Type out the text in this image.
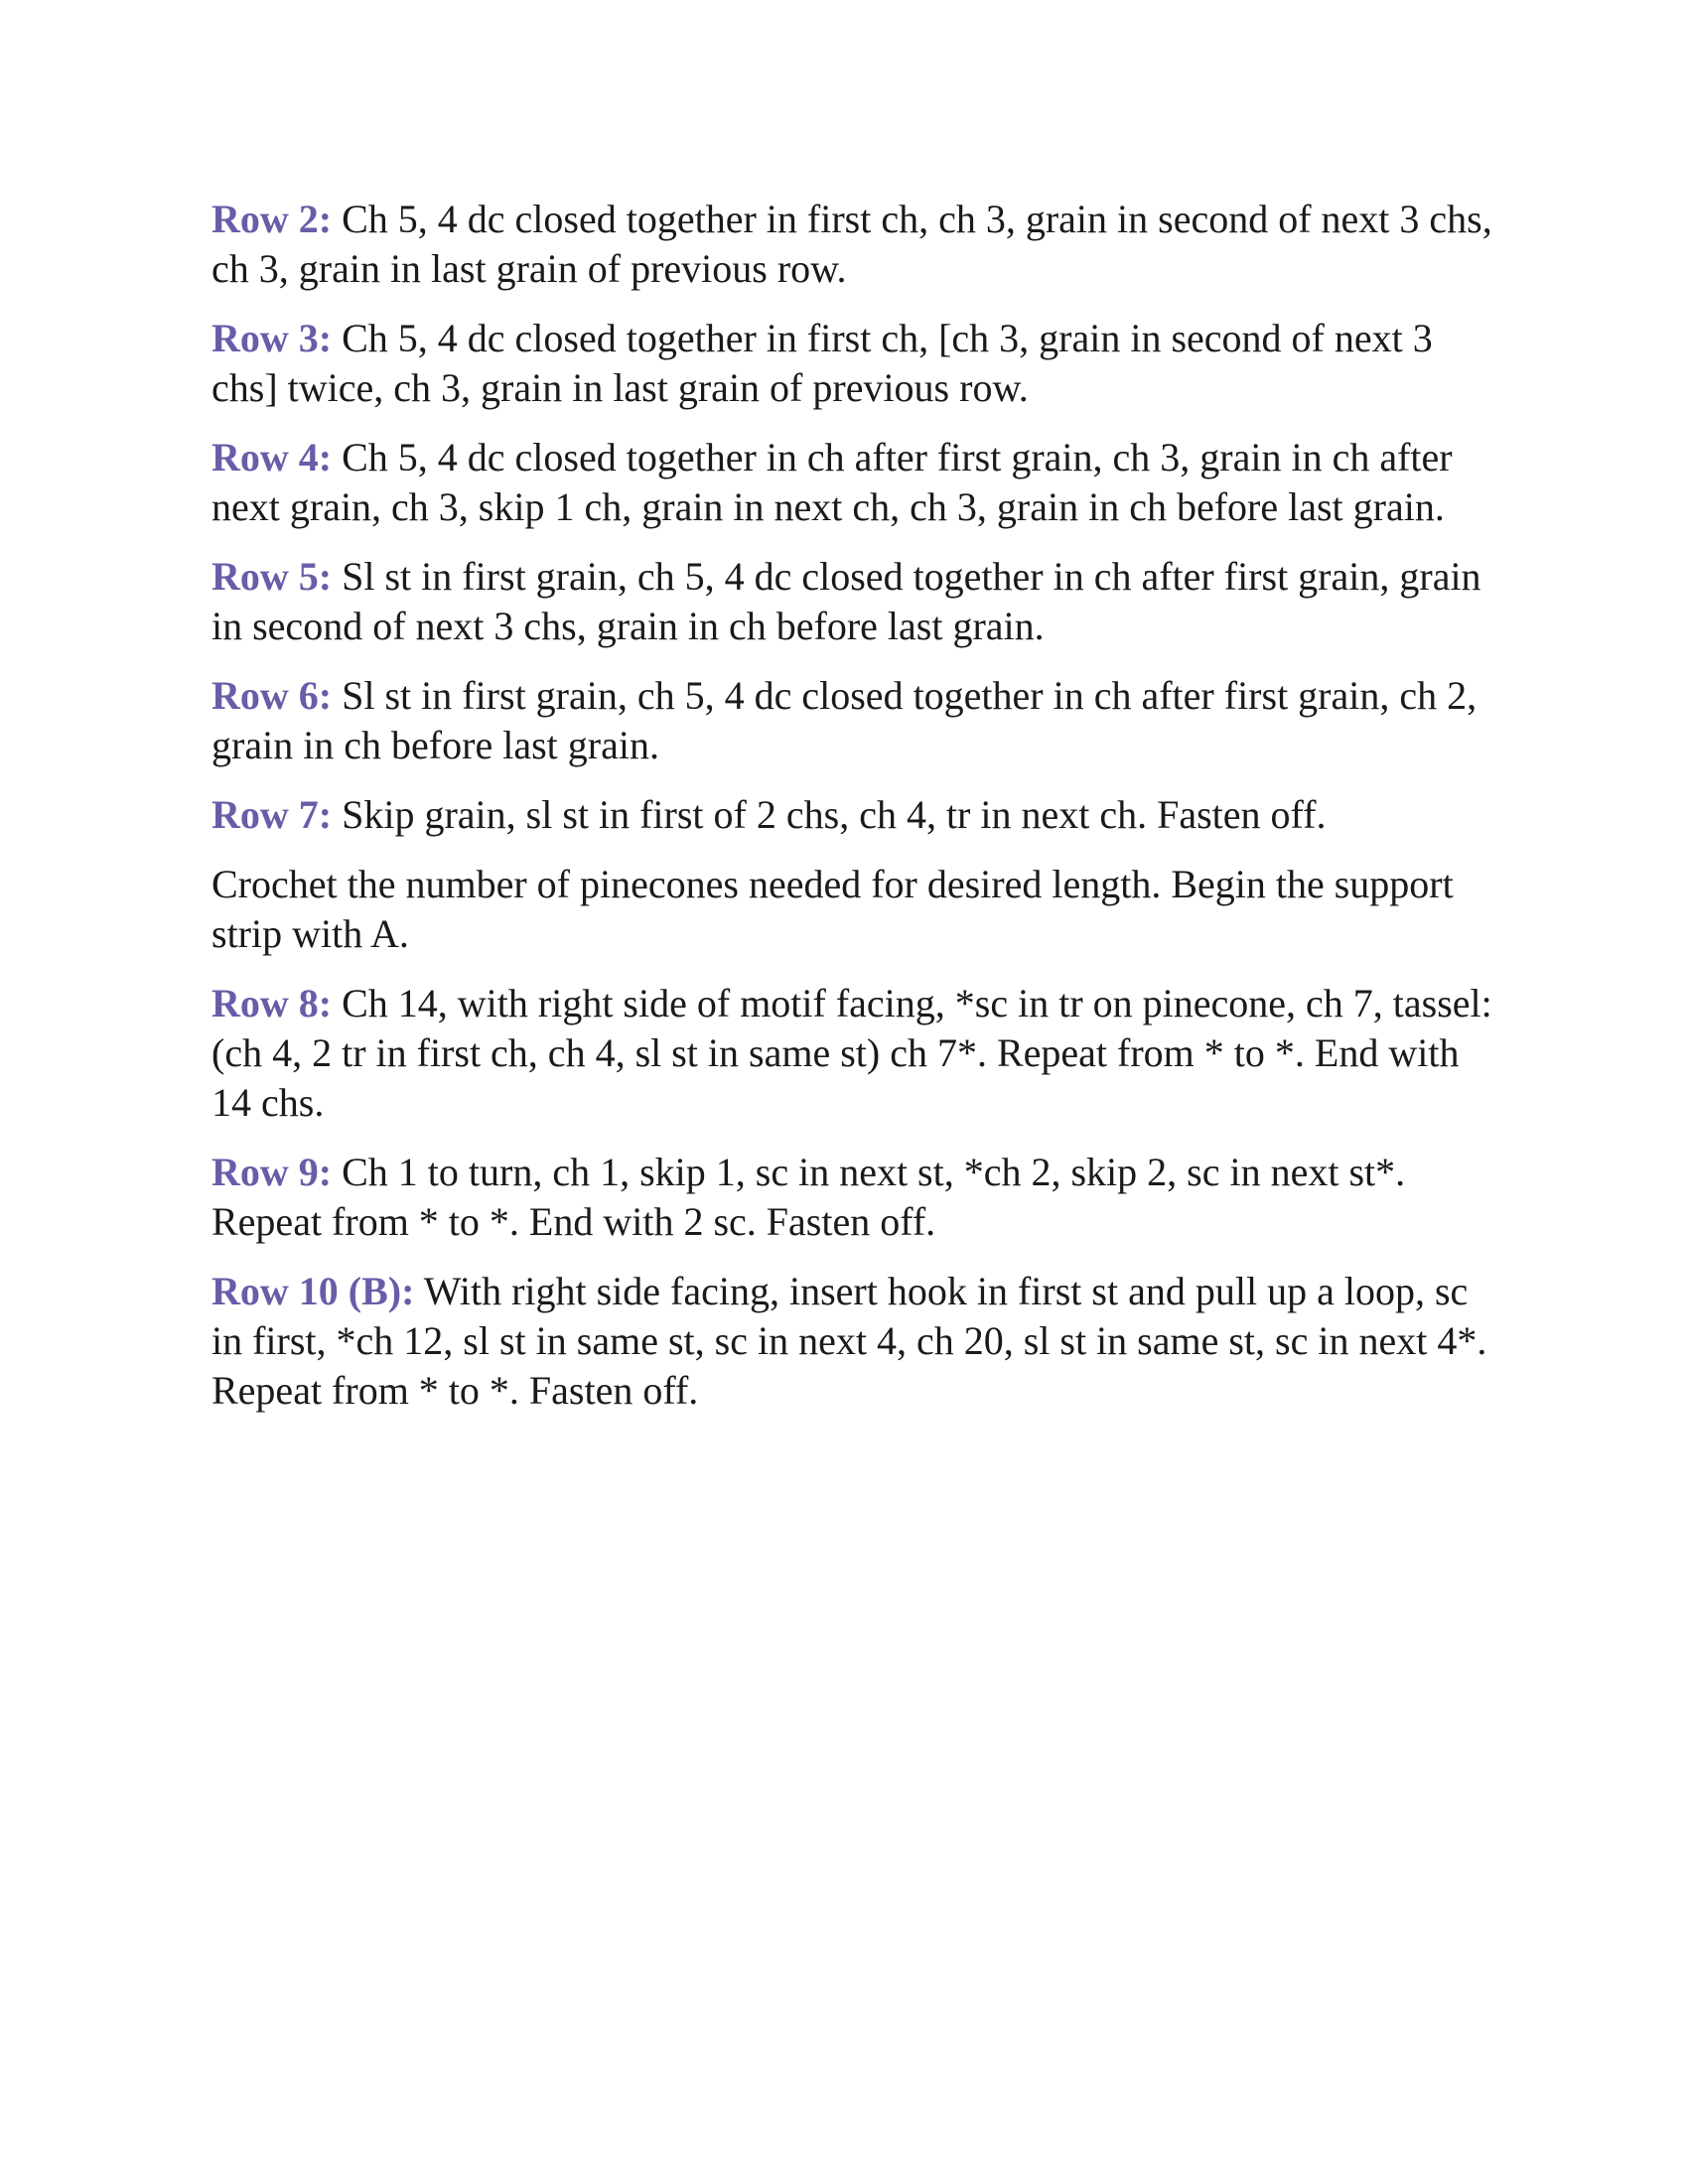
Row 2: Ch 5, 4 dc closed together in first ch, ch 3, grain in second of next 3 chs, ch 3, grain in last grain of previous row.

Row 3: Ch 5, 4 dc closed together in first ch, [ch 3, grain in second of next 3 chs] twice, ch 3, grain in last grain of previous row.

Row 4: Ch 5, 4 dc closed together in ch after first grain, ch 3, grain in ch after next grain, ch 3, skip 1 ch, grain in next ch, ch 3, grain in ch before last grain.

Row 5: Sl st in first grain, ch 5, 4 dc closed together in ch after first grain, grain in second of next 3 chs, grain in ch before last grain.

Row 6: Sl st in first grain, ch 5, 4 dc closed together in ch after first grain, ch 2, grain in ch before last grain.

Row 7: Skip grain, sl st in first of 2 chs, ch 4, tr in next ch. Fasten off.

Crochet the number of pinecones needed for desired length. Begin the support strip with A.

Row 8: Ch 14, with right side of motif facing, *sc in tr on pinecone, ch 7, tassel: (ch 4, 2 tr in first ch, ch 4, sl st in same st) ch 7*. Repeat from * to *. End with 14 chs.

Row 9: Ch 1 to turn, ch 1, skip 1, sc in next st, *ch 2, skip 2, sc in next st*. Repeat from * to *. End with 2 sc. Fasten off.

Row 10 (B): With right side facing, insert hook in first st and pull up a loop, sc in first, *ch 12, sl st in same st, sc in next 4, ch 20, sl st in same st, sc in next 4*. Repeat from * to *. Fasten off.
